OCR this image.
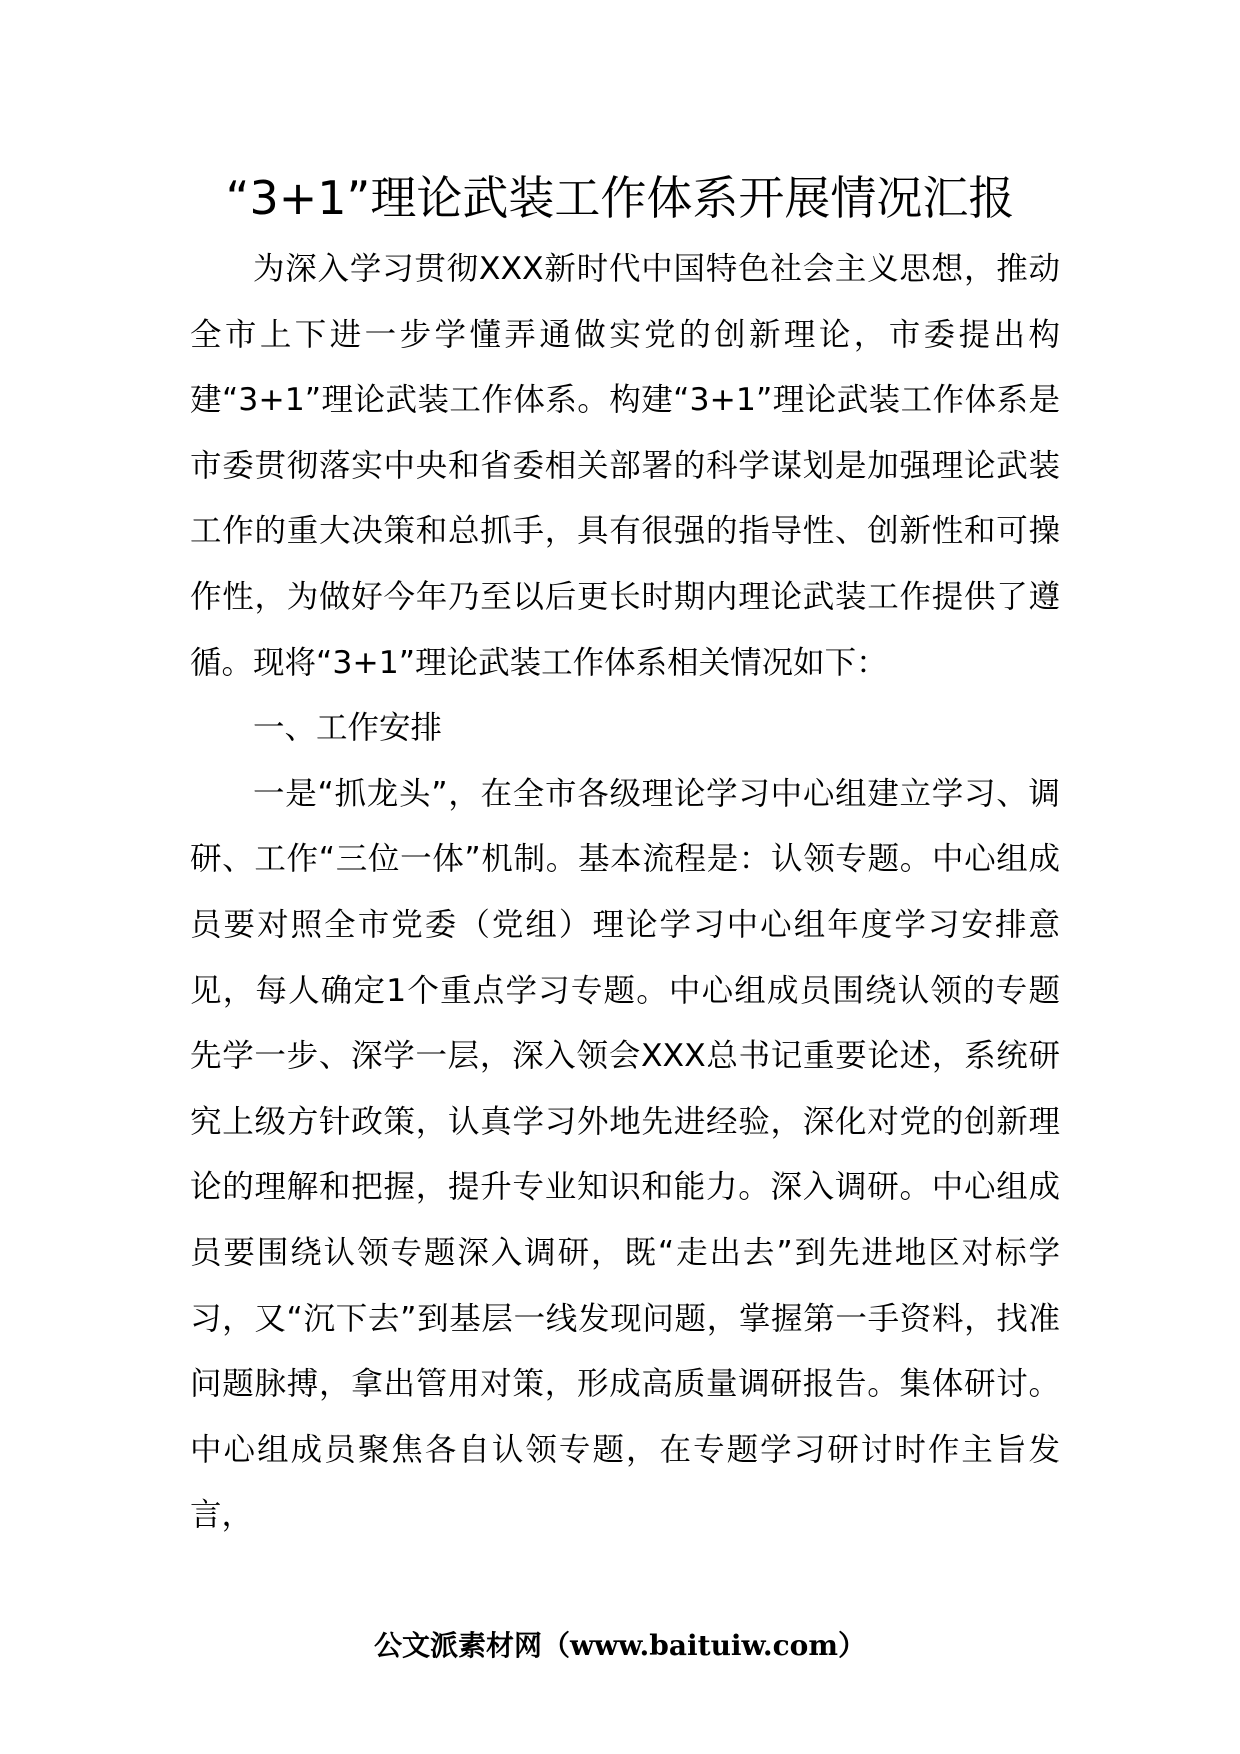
“3+1”理论武装工作体系开展情况汇报

为深入学习贯彻XXX新时代中国特色社会主义思想，推动全市上下进一步学懂弄通做实党的创新理论，市委提出构建“3+1”理论武装工作体系。构建“3+1”理论武装工作体系是市委贯彻落实中央和省委相关部署的科学谋划是加强理论武装工作的重大决策和总抓手，具有很强的指导性、创新性和可操作性，为做好今年乃至以后更长时期内理论武装工作提供了遵循。现将“3+1”理论武装工作体系相关情况如下：

一、工作安排

一是“抓龙头”，在全市各级理论学习中心组建立学习、调研、工作“三位一体”机制。基本流程是：认领专题。中心组成员要对照全市党委（党组）理论学习中心组年度学习安排意见，每人确定1个重点学习专题。中心组成员围绕认领的专题先学一步、深学一层，深入领会XXX总书记重要论述，系统研究上级方针政策，认真学习外地先进经验，深化对党的创新理论的理解和把握，提升专业知识和能力。深入调研。中心组成员要围绕认领专题深入调研，既“走出去”到先进地区对标学习，又“沉下去”到基层一线发现问题，掌握第一手资料，找准问题脉搏，拿出管用对策，形成高质量调研报告。集体研讨。中心组成员聚焦各自认领专题，在专题学习研讨时作主旨发言，

公文派素材网（www.baituiw.com）
